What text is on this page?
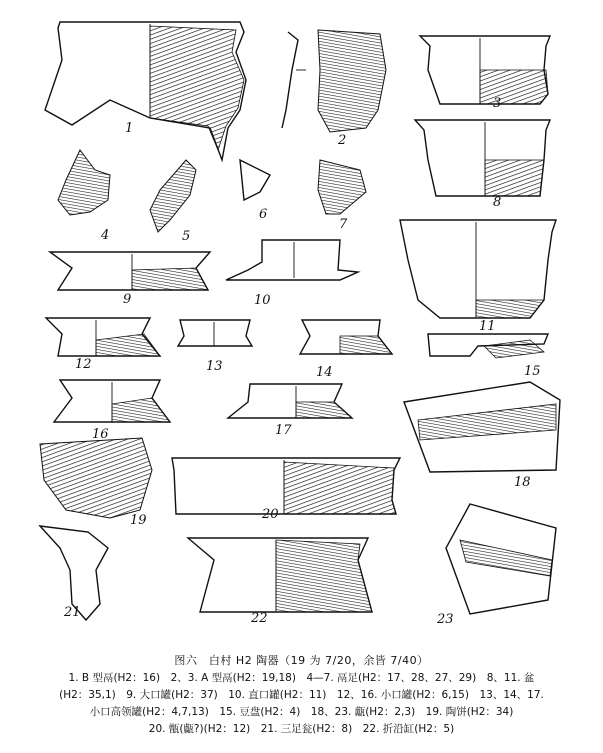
1
2
3
4	5
6
7
8
9	10
11
12	13	14	15
16	17
18
19	20
21	22	23
图六　白村 H2 陶器（19 为 7/20，余皆 7/40）
1. B 型鬲(H2：16)　2、3. A 型鬲(H2：19,18)　4—7. 鬲足(H2：17、28、27、29)　8、11. 盆
(H2：35,1)　9. 大口罐(H2：37)　10. 直口罐(H2：11)　12、16. 小口罐(H2：6,15)　13、14、17.
小口高领罐(H2：4,7,13)　15. 豆盘(H2：4)　18、23. 甗(H2：2,3)　19. 陶饼(H2：34)
20. 甑(甗?)(H2：12)　21. 三足瓮(H2：8)　22. 折沿缸(H2：5)
